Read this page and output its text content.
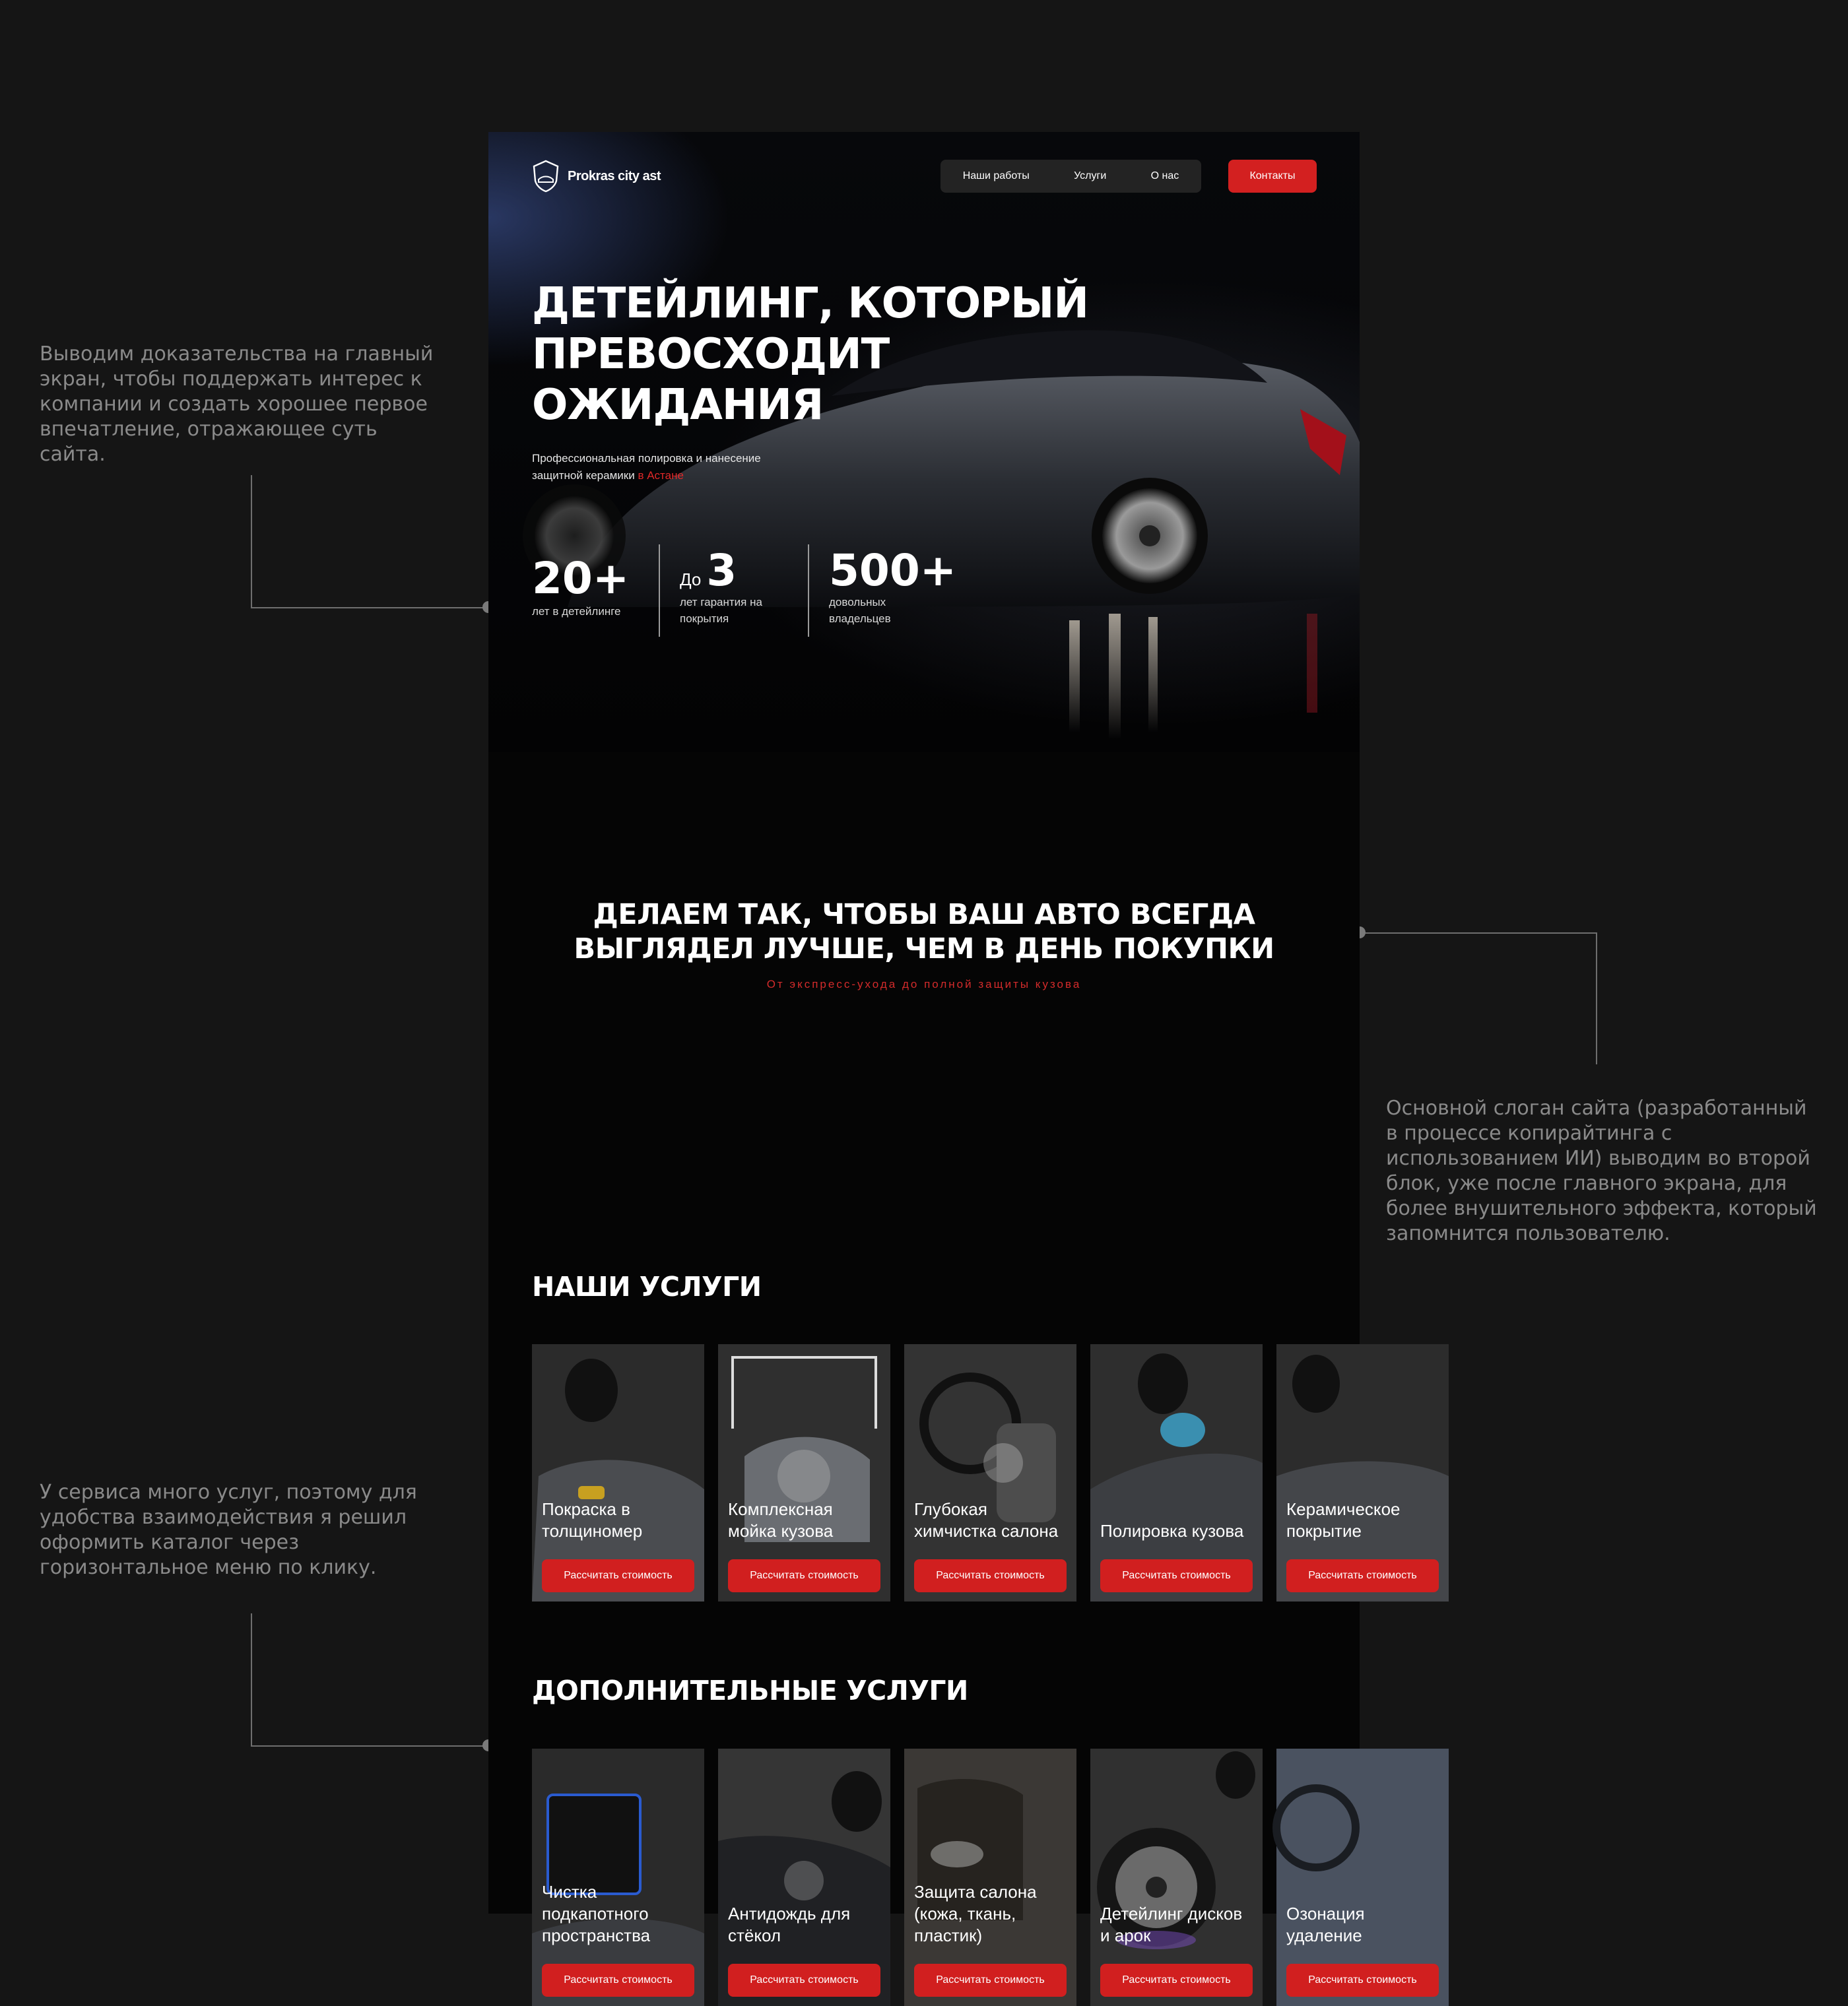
Выводим доказательства на главный
экран, чтобы поддержать интерес к
компании и создать хорошее первое
впечатление, отражающее суть сайта.

Основной слоган сайта (разработанный
в процессе копирайтинга с
использованием ИИ) выводим во второй
блок, уже после главного экрана, для
более внушительного эффекта, который
запомнится пользователю.

У сервиса много услуг, поэтому для
удобства взаимодействия я решил
оформить каталог через
горизонтальное меню по клику.

Prokras city ast	Наши работы	Услуги	О нас	Контакты
ДЕТЕЙЛИНГ, КОТОРЫЙ
ПРЕВОСХОДИТ
ОЖИДАНИЯ
Профессиональная полировка и нанесение защитной керамики в Астане
20+
лет в детейлинге
До 3
лет гарантия на
покрытия
500+
довольных
владельцев
ДЕЛАЕМ ТАК, ЧТОБЫ ВАШ АВТО ВСЕГДА
ВЫГЛЯДЕЛ ЛУЧШЕ, ЧЕМ В ДЕНЬ ПОКУПКИ
От экспресс-ухода до полной защиты кузова
НАШИ УСЛУГИ
Покраска в
толщиномер
Рассчитать стоимость
Комплексная
мойка кузова
Рассчитать стоимость
Глубокая
химчистка салона
Рассчитать стоимость
Полировка кузова
Рассчитать стоимость
Керамическое
покрытие
Рассчитать стоимость
ДОПОЛНИТЕЛЬНЫЕ УСЛУГИ
Чистка
подкапотного
пространства
Рассчитать стоимость
Антидождь для
стёкол
Рассчитать стоимость
Защита салона
(кожа, ткань,
пластик)
Рассчитать стоимость
Детейлинг дисков
и арок
Рассчитать стоимость
Озонация
удаление
Рассчитать стоимость
